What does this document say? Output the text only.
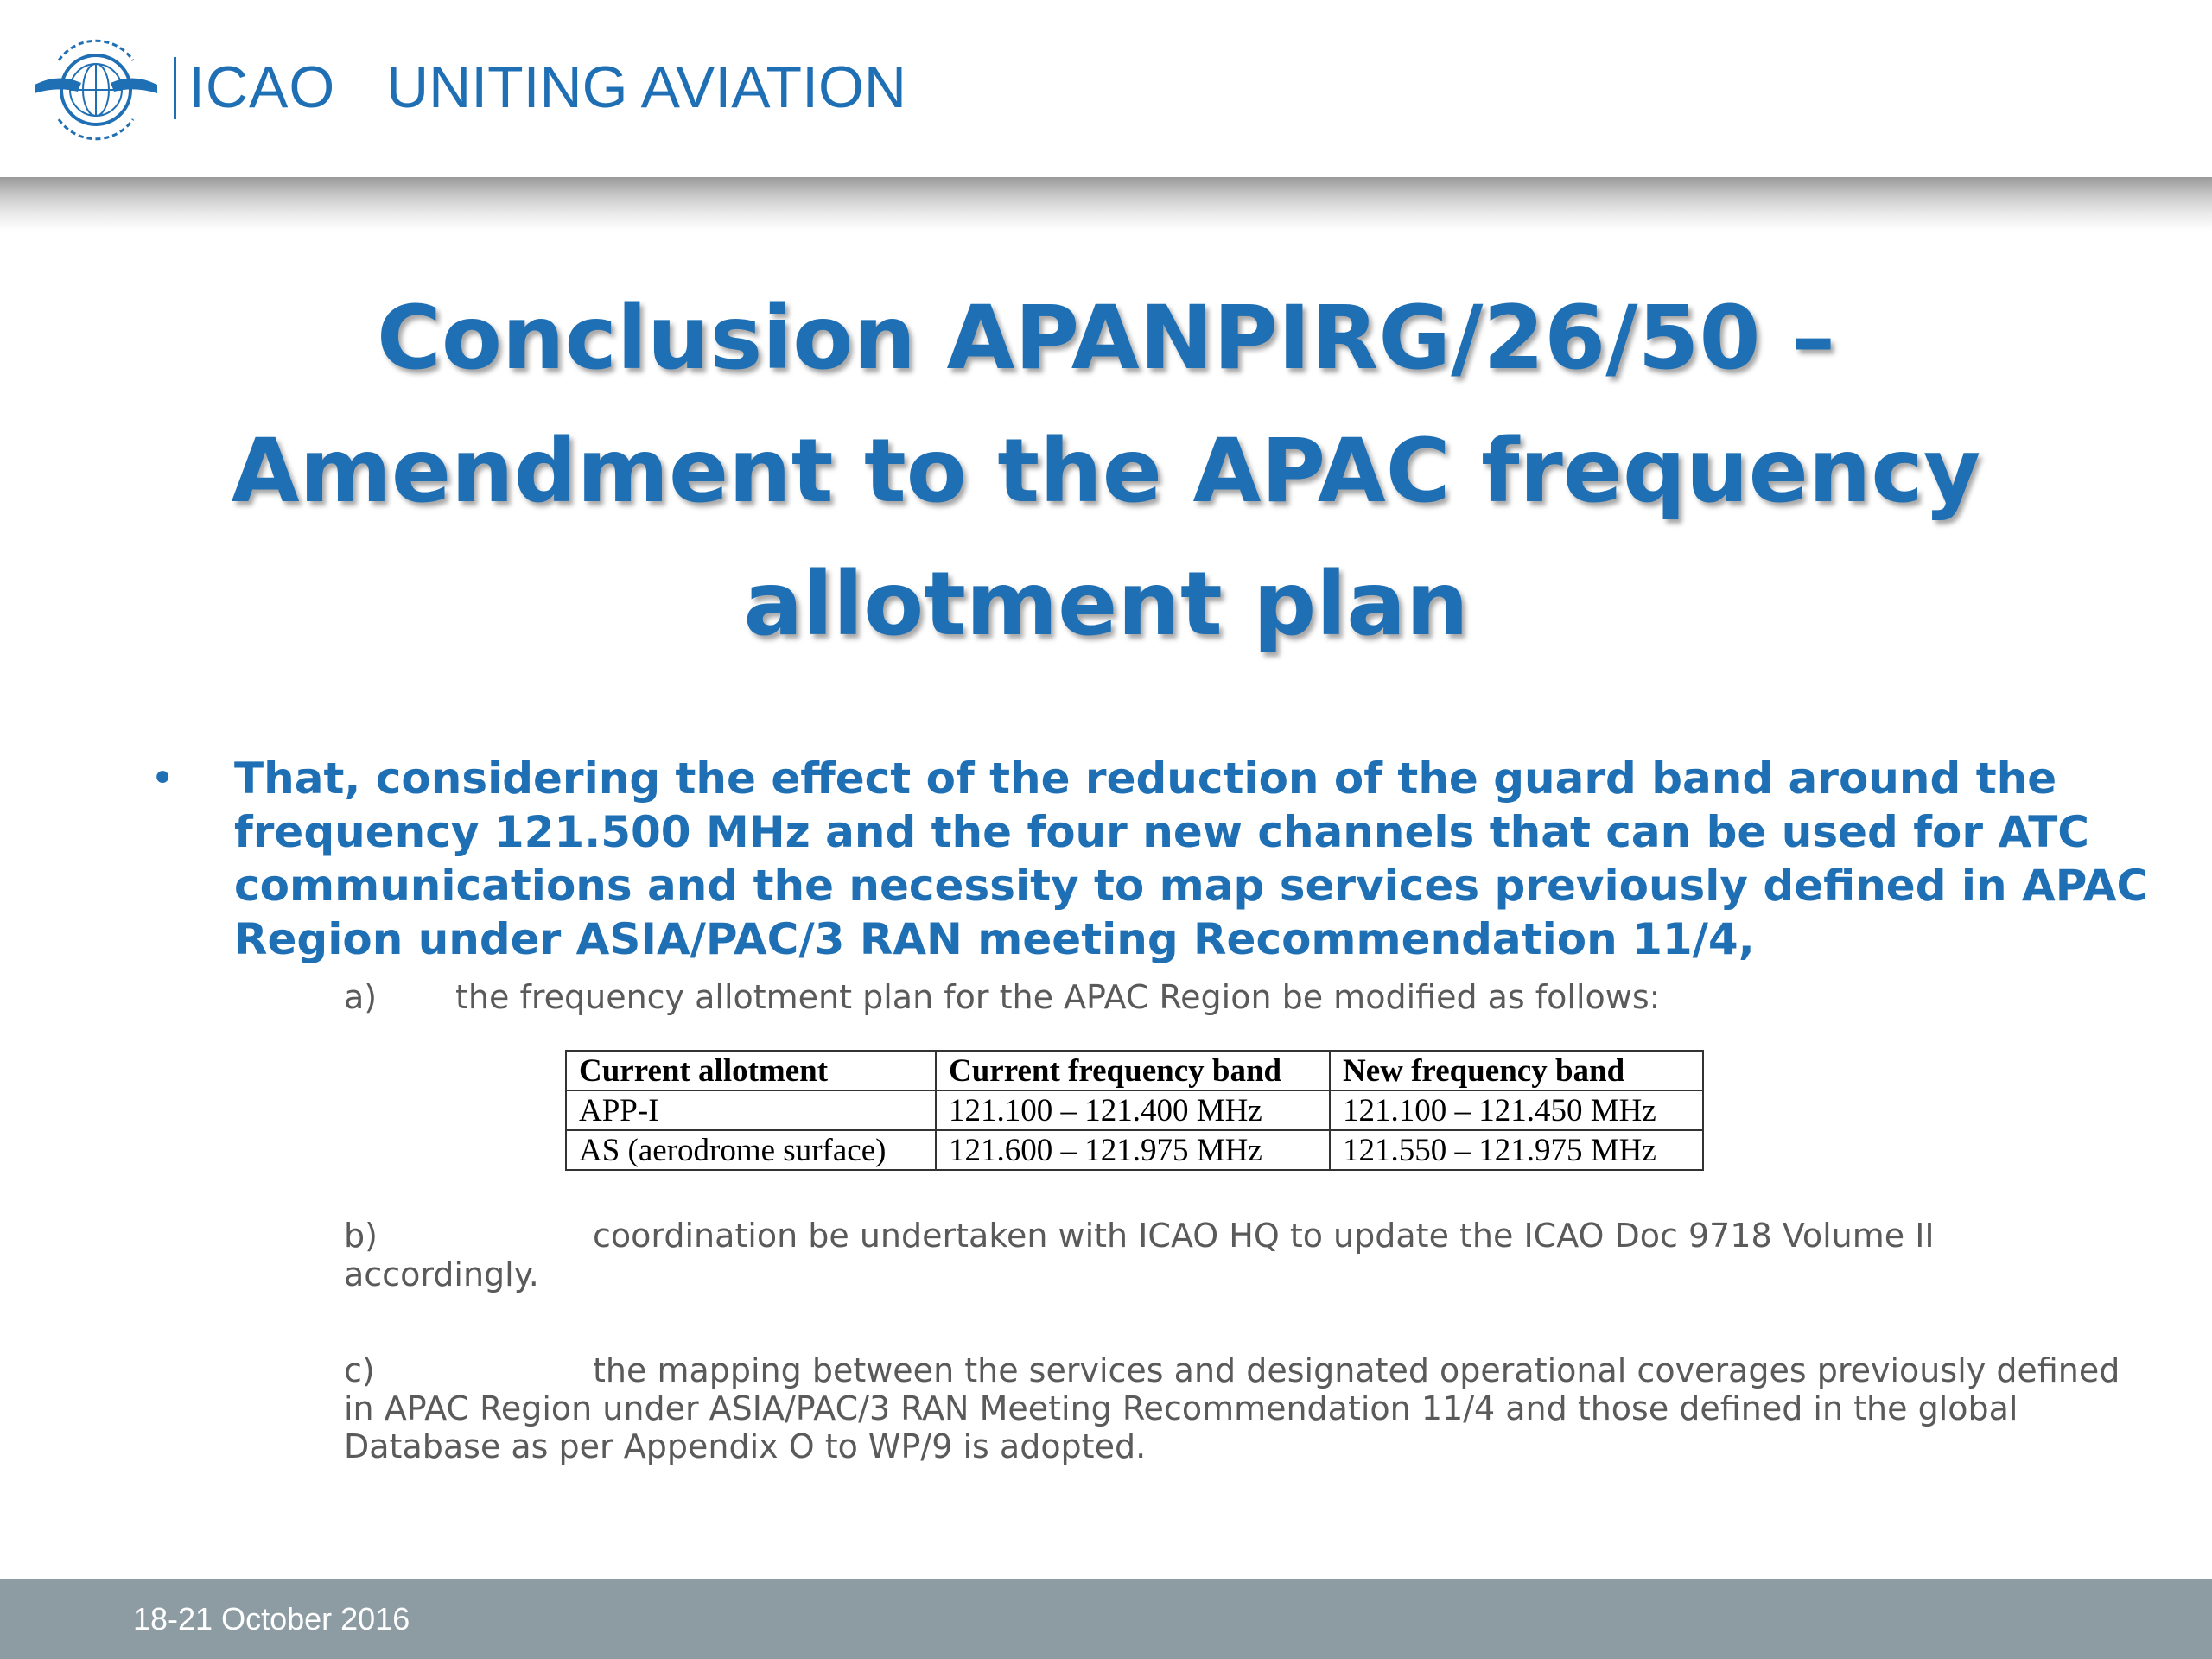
ICAO UNITING AVIATION
Conclusion APANPIRG/26/50 –
Amendment to the APAC frequency
allotment plan
• That, considering the effect of the reduction of the guard band around the
frequency 121.500 MHz and the four new channels that can be used for ATC
communications and the necessity to map services previously defined in APAC
Region under ASIA/PAC/3 RAN meeting Recommendation 11/4,
a) the frequency allotment plan for the APAC Region be modified as follows:
Current allotment	Current frequency band	New frequency band
APP-I	121.100 – 121.400 MHz	121.100 – 121.450 MHz
AS (aerodrome surface)	121.600 – 121.975 MHz	121.550 – 121.975 MHz
b)	coordination be undertaken with ICAO HQ to update the ICAO Doc 9718 Volume II
accordingly.
c)	the mapping between the services and designated operational coverages previously defined
in APAC Region under ASIA/PAC/3 RAN Meeting Recommendation 11/4 and those defined in the global
Database as per Appendix O to WP/9 is adopted.
18-21 October 2016
